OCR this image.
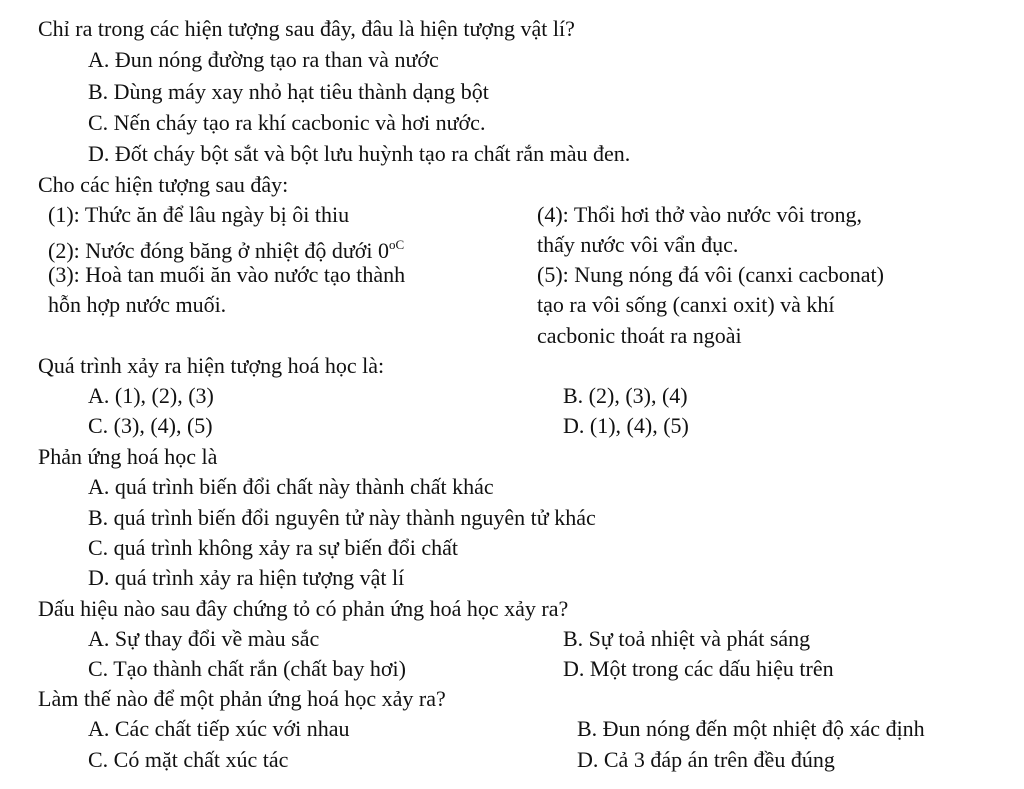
Chỉ ra trong các hiện tượng sau đây, đâu là hiện tượng vật lí?
A. Đun nóng đường tạo ra than và nước
B. Dùng máy xay nhỏ hạt tiêu thành dạng bột
C. Nến cháy tạo ra khí cacbonic và hơi nước.
D. Đốt cháy bột sắt và bột lưu huỳnh tạo ra chất rắn màu đen.
Cho các hiện tượng sau đây:
(1): Thức ăn để lâu ngày bị ôi thiu
(2): Nước đóng băng ở nhiệt độ dưới $0^{oC}$
(3): Hoà tan muối ăn vào nước tạo thành
hỗn hợp nước muối.
(4): Thổi hơi thở vào nước vôi trong,
thấy nước vôi vẩn đục.
(5): Nung nóng đá vôi (canxi cacbonat)
tạo ra vôi sống (canxi oxit) và khí
cacbonic thoát ra ngoài
Quá trình xảy ra hiện tượng hoá học là:
A. (1), (2), (3)	B. (2), (3), (4)
C. (3), (4), (5)	D. (1), (4), (5)
Phản ứng hoá học là
A. quá trình biến đổi chất này thành chất khác
B. quá trình biến đổi nguyên tử này thành nguyên tử khác
C. quá trình không xảy ra sự biến đổi chất
D. quá trình xảy ra hiện tượng vật lí
Dấu hiệu nào sau đây chứng tỏ có phản ứng hoá học xảy ra?
A. Sự thay đổi về màu sắc	B. Sự toả nhiệt và phát sáng
C. Tạo thành chất rắn (chất bay hơi)	D. Một trong các dấu hiệu trên
Làm thế nào để một phản ứng hoá học xảy ra?
A. Các chất tiếp xúc với nhau	B. Đun nóng đến một nhiệt độ xác định
C. Có mặt chất xúc tác	D. Cả 3 đáp án trên đều đúng
